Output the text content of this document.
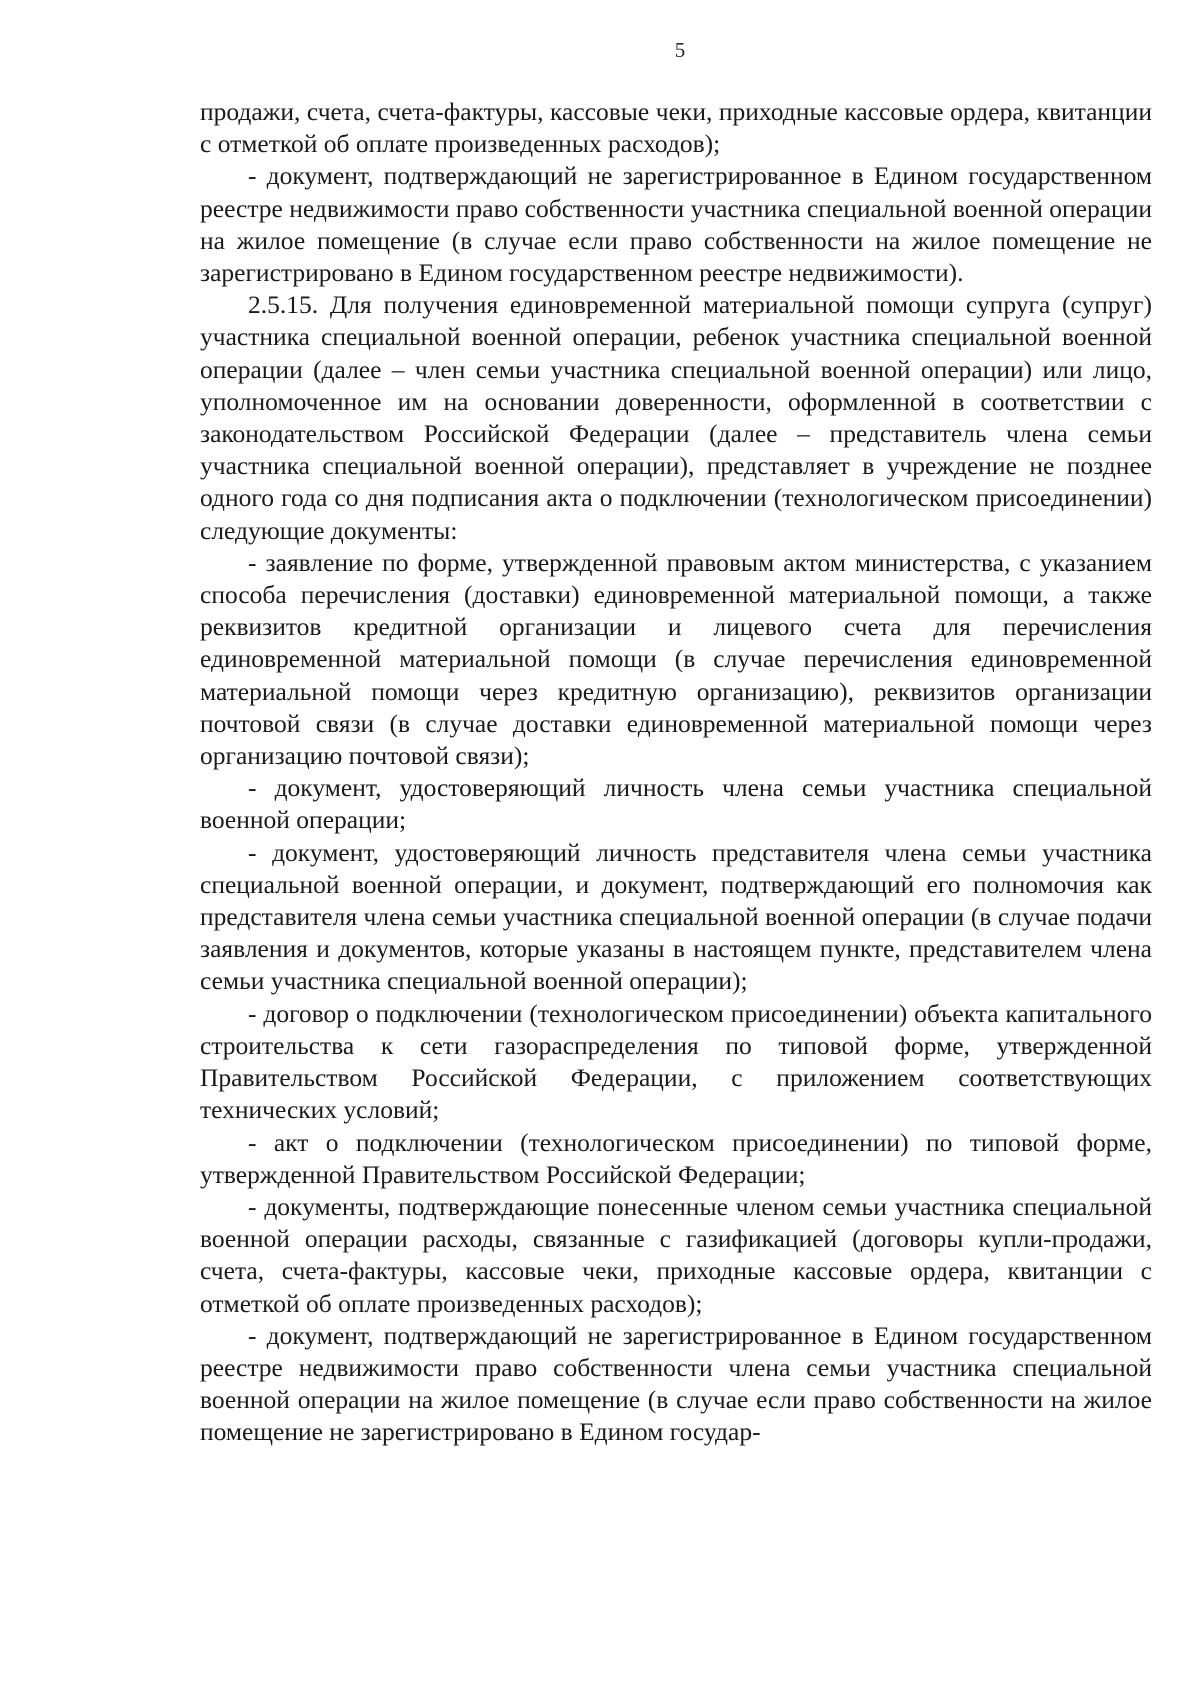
5

продажи, счета, счета-фактуры, кассовые чеки, приходные кассовые ордера, квитанции с отметкой об оплате произведенных расходов);

- документ, подтверждающий не зарегистрированное в Едином государственном реестре недвижимости право собственности участника специальной военной операции на жилое помещение (в случае если право собственности на жилое помещение не зарегистрировано в Едином государственном реестре недвижимости).

2.5.15. Для получения единовременной материальной помощи супруга (супруг) участника специальной военной операции, ребенок участника специальной военной операции (далее – член семьи участника специальной военной операции) или лицо, уполномоченное им на основании доверенности, оформленной в соответствии с законодательством Российской Федерации (далее – представитель члена семьи участника специальной военной операции), представляет в учреждение не позднее одного года со дня подписания акта о подключении (технологическом присоединении) следующие документы:

- заявление по форме, утвержденной правовым актом министерства, с указанием способа перечисления (доставки) единовременной материальной помощи, а также реквизитов кредитной организации и лицевого счета для перечисления единовременной материальной помощи (в случае перечисления единовременной материальной помощи через кредитную организацию), реквизитов организации почтовой связи (в случае доставки единовременной материальной помощи через организацию почтовой связи);

- документ, удостоверяющий личность члена семьи участника специальной военной операции;

- документ, удостоверяющий личность представителя члена семьи участника специальной военной операции, и документ, подтверждающий его полномочия как представителя члена семьи участника специальной военной операции (в случае подачи заявления и документов, которые указаны в настоящем пункте, представителем члена семьи участника специальной военной операции);

- договор о подключении (технологическом присоединении) объекта капитального строительства к сети газораспределения по типовой форме, утвержденной Правительством Российской Федерации, с приложением соответствующих технических условий;

- акт о подключении (технологическом присоединении) по типовой форме, утвержденной Правительством Российской Федерации;

- документы, подтверждающие понесенные членом семьи участника специальной военной операции расходы, связанные с газификацией (договоры купли-продажи, счета, счета-фактуры, кассовые чеки, приходные кассовые ордера, квитанции с отметкой об оплате произведенных расходов);

- документ, подтверждающий не зарегистрированное в Едином государственном реестре недвижимости право собственности члена семьи участника специальной военной операции на жилое помещение (в случае если право собственности на жилое помещение не зарегистрировано в Едином государ-
